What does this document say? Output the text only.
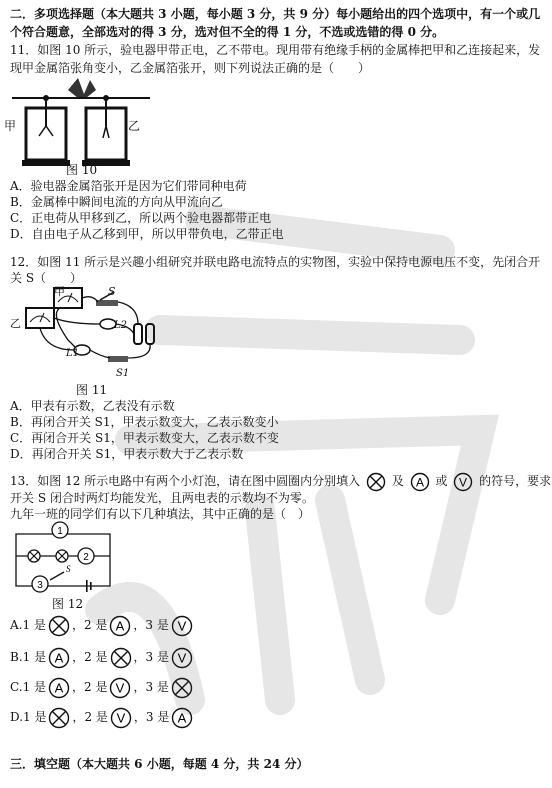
二．多项选择题（本大题共 3 小题，每小题 3 分，共 9 分）每小题给出的四个选项中，有一个或几
个符合题意，全部选对的得 3 分，选对但不全的得 1 分，不选或选错的得 0 分。
11．如图 10 所示，验电器甲带正电，乙不带电。现用带有绝缘手柄的金属棒把甲和乙连接起来，发
现甲金属箔张角变小，乙金属箔张开，则下列说法正确的是（　　）
甲	乙
图 10
A．验电器金属箔张开是因为它们带同种电荷
B．金属棒中瞬间电流的方向从甲流向乙
C．正电荷从甲移到乙，所以两个验电器都带正电
D．自由电子从乙移到甲，所以甲带负电，乙带正电
12．如图 11 所示是兴趣小组研究并联电路电流特点的实物图，实验中保持电源电压不变，先闭合开
关 S（　　）
甲
乙
S
L2
L1
S1
图 11
A．甲表有示数，乙表没有示数
B．再闭合开关 S1，甲表示数变大，乙表示数变小
C．再闭合开关 S1，甲表示数变大，乙表示数不变
D．再闭合开关 S1，甲表示数大于乙表示数
13．如图 12 所示电路中有两个小灯泡，请在图中圆圈内分别填入	及 A 或 V 的符号，要求
开关 S 闭合时两灯均能发光，且两电表的示数均不为零。
九年一班的同学们有以下几种填法，其中正确的是（　）
1
2
3
S
图 12
A.1 是 ，2 是 A ，3 是 V
B.1 是 A ，2 是 ，3 是 V
C.1 是 A ，2 是 V ，3 是
D.1 是 ，2 是 V ，3 是 A
三．填空题（本大题共 6 小题，每题 4 分，共 24 分）
